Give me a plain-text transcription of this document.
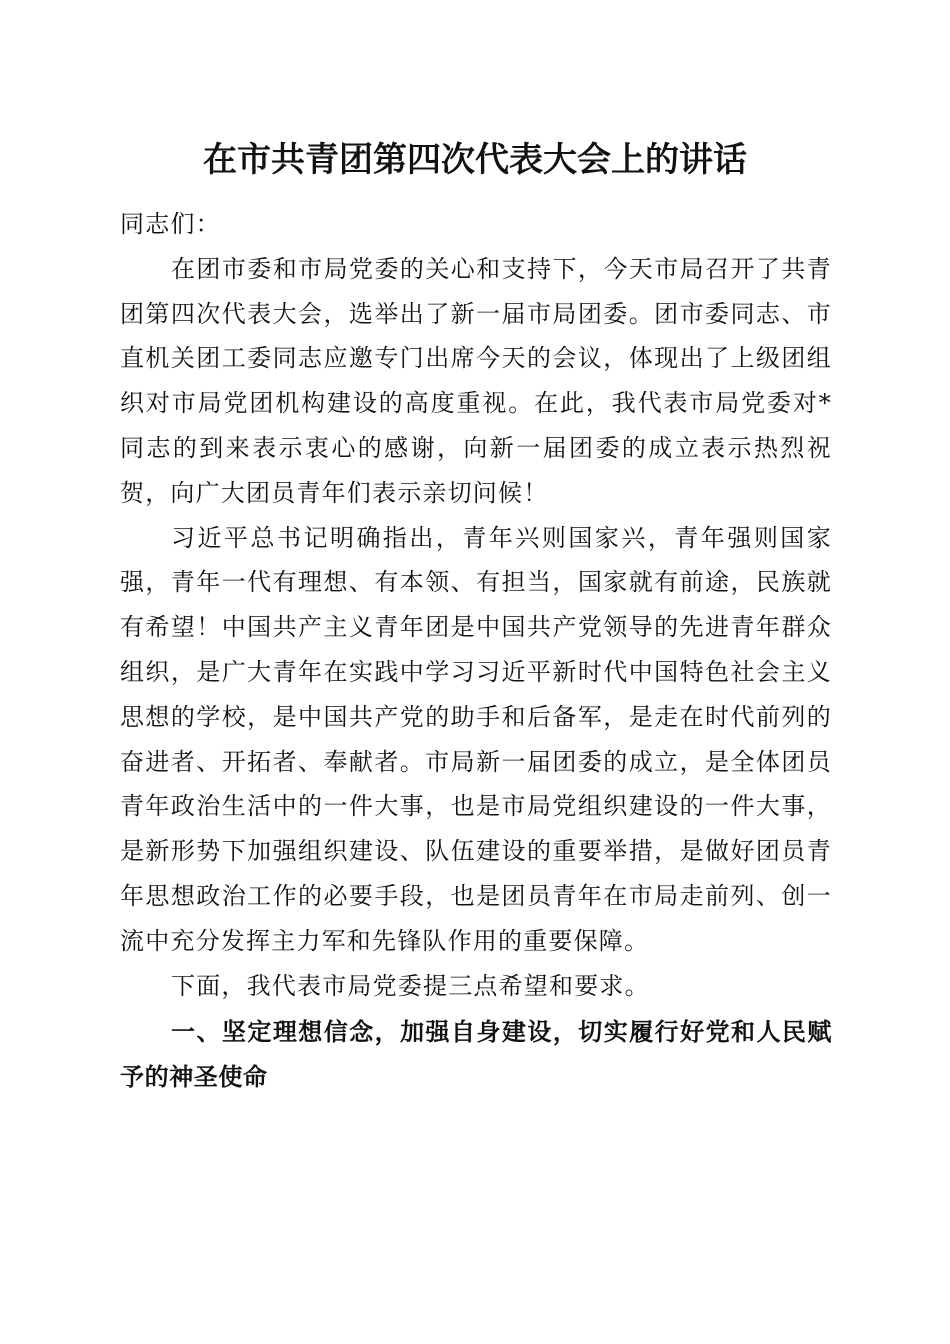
在市共青团第四次代表大会上的讲话

同志们：

在团市委和市局党委的关心和支持下，今天市局召开了共青团第四次代表大会，选举出了新一届市局团委。团市委同志、市直机关团工委同志应邀专门出席今天的会议，体现出了上级团组织对市局党团机构建设的高度重视。在此，我代表市局党委对*同志的到来表示衷心的感谢，向新一届团委的成立表示热烈祝贺，向广大团员青年们表示亲切问候！

习近平总书记明确指出，青年兴则国家兴，青年强则国家强，青年一代有理想、有本领、有担当，国家就有前途，民族就有希望！中国共产主义青年团是中国共产党领导的先进青年群众组织，是广大青年在实践中学习习近平新时代中国特色社会主义思想的学校，是中国共产党的助手和后备军，是走在时代前列的奋进者、开拓者、奉献者。市局新一届团委的成立，是全体团员青年政治生活中的一件大事，也是市局党组织建设的一件大事，是新形势下加强组织建设、队伍建设的重要举措，是做好团员青年思想政治工作的必要手段，也是团员青年在市局走前列、创一流中充分发挥主力军和先锋队作用的重要保障。

下面，我代表市局党委提三点希望和要求。

一、坚定理想信念，加强自身建设，切实履行好党和人民赋予的神圣使命
